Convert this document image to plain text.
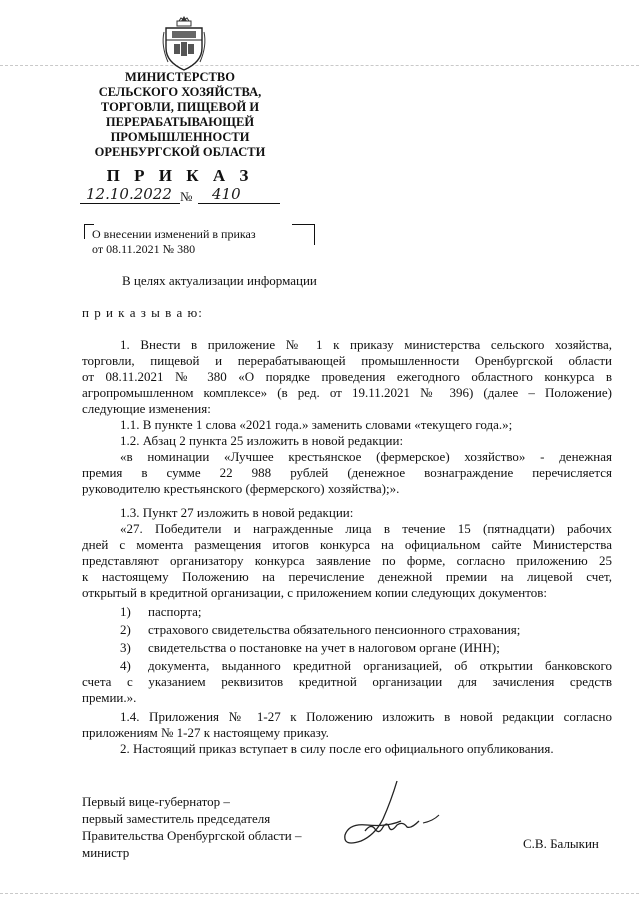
МИНИСТЕРСТВО
СЕЛЬСКОГО ХОЗЯЙСТВА,
ТОРГОВЛИ, ПИЩЕВОЙ И
ПЕРЕРАБАТЫВАЮЩЕЙ
ПРОМЫШЛЕННОСТИ
ОРЕНБУРГСКОЙ ОБЛАСТИ
П Р И К А З
12.10.2022 № 410
О внесении изменений в приказ
от 08.11.2021 № 380
В целях актуализации информации
п р и к а з ы в а ю:
1. Внести в приложение № 1 к приказу министерства сельского хозяйства,
торговли, пищевой и перерабатывающей промышленности Оренбургской области
от 08.11.2021 № 380 «О порядке проведения ежегодного областного конкурса в
агропромышленном комплексе» (в ред. от 19.11.2021 № 396) (далее – Положение)
следующие изменения:
1.1. В пункте 1 слова «2021 года.» заменить словами «текущего года.»;
1.2. Абзац 2 пункта 25 изложить в новой редакции:
«в номинации «Лучшее крестьянское (фермерское) хозяйство» - денежная
премия в сумме 22 988 рублей (денежное вознаграждение перечисляется
руководителю крестьянского (фермерского) хозяйства);».
1.3. Пункт 27 изложить в новой редакции:
«27. Победители и награжденные лица в течение 15 (пятнадцати) рабочих
дней с момента размещения итогов конкурса на официальном сайте Министерства
представляют организатору конкурса заявление по форме, согласно приложению 25
к настоящему Положению на перечисление денежной премии на лицевой счет,
открытый в кредитной организации, с приложением копии следующих документов:
1) паспорта;
2) страхового свидетельства обязательного пенсионного страхования;
3) свидетельства о постановке на учет в налоговом органе (ИНН);
4) документа, выданного кредитной организацией, об открытии банковского
счета с указанием реквизитов кредитной организации для зачисления средств
премии.».
1.4. Приложения № 1-27 к Положению изложить в новой редакции согласно
приложениям № 1-27 к настоящему приказу.
2. Настоящий приказ вступает в силу после его официального опубликования.
Первый вице-губернатор –
первый заместитель председателя
Правительства Оренбургской области –
министр
С.В. Балыкин
